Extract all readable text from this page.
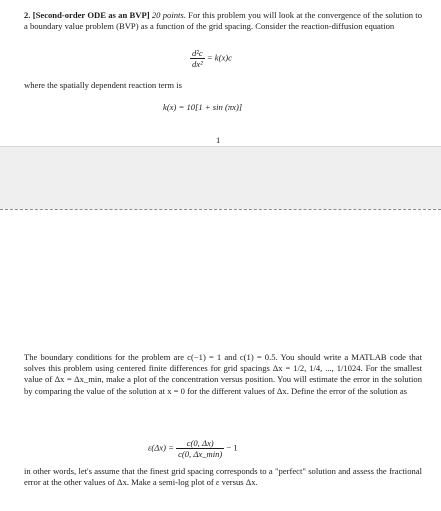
2. [Second-order ODE as an BVP] 20 points. For this problem you will look at the convergence of the solution to a boundary value problem (BVP) as a function of the grid spacing. Consider the reaction-diffusion equation
$\frac{\text{d²c}}{\text{dx²}} = k(x)c$
where the spatially dependent reaction term is
k(x) = 10[1 + sin (πx)]
1
The boundary conditions for the problem are c(−1) = 1 and c(1) = 0.5. You should write a MATLAB code that solves this problem using centered finite differences for grid spacings Δx = 1/2, 1/4, ..., 1/1024. For the smallest value of Δx = Δx_min, make a plot of the concentration versus position. You will estimate the error in the solution by comparing the value of the solution at x = 0 for the different values of Δx. Define the error of the solution as
$\varepsilon(\Delta x) = \frac{c(0, \Delta x)}{c(0, \Delta x\_\min)} - 1$
in other words, let's assume that the finest grid spacing corresponds to a "perfect" solution and assess the fractional error at the other values of Δx. Make a semi-log plot of ε versus Δx.
